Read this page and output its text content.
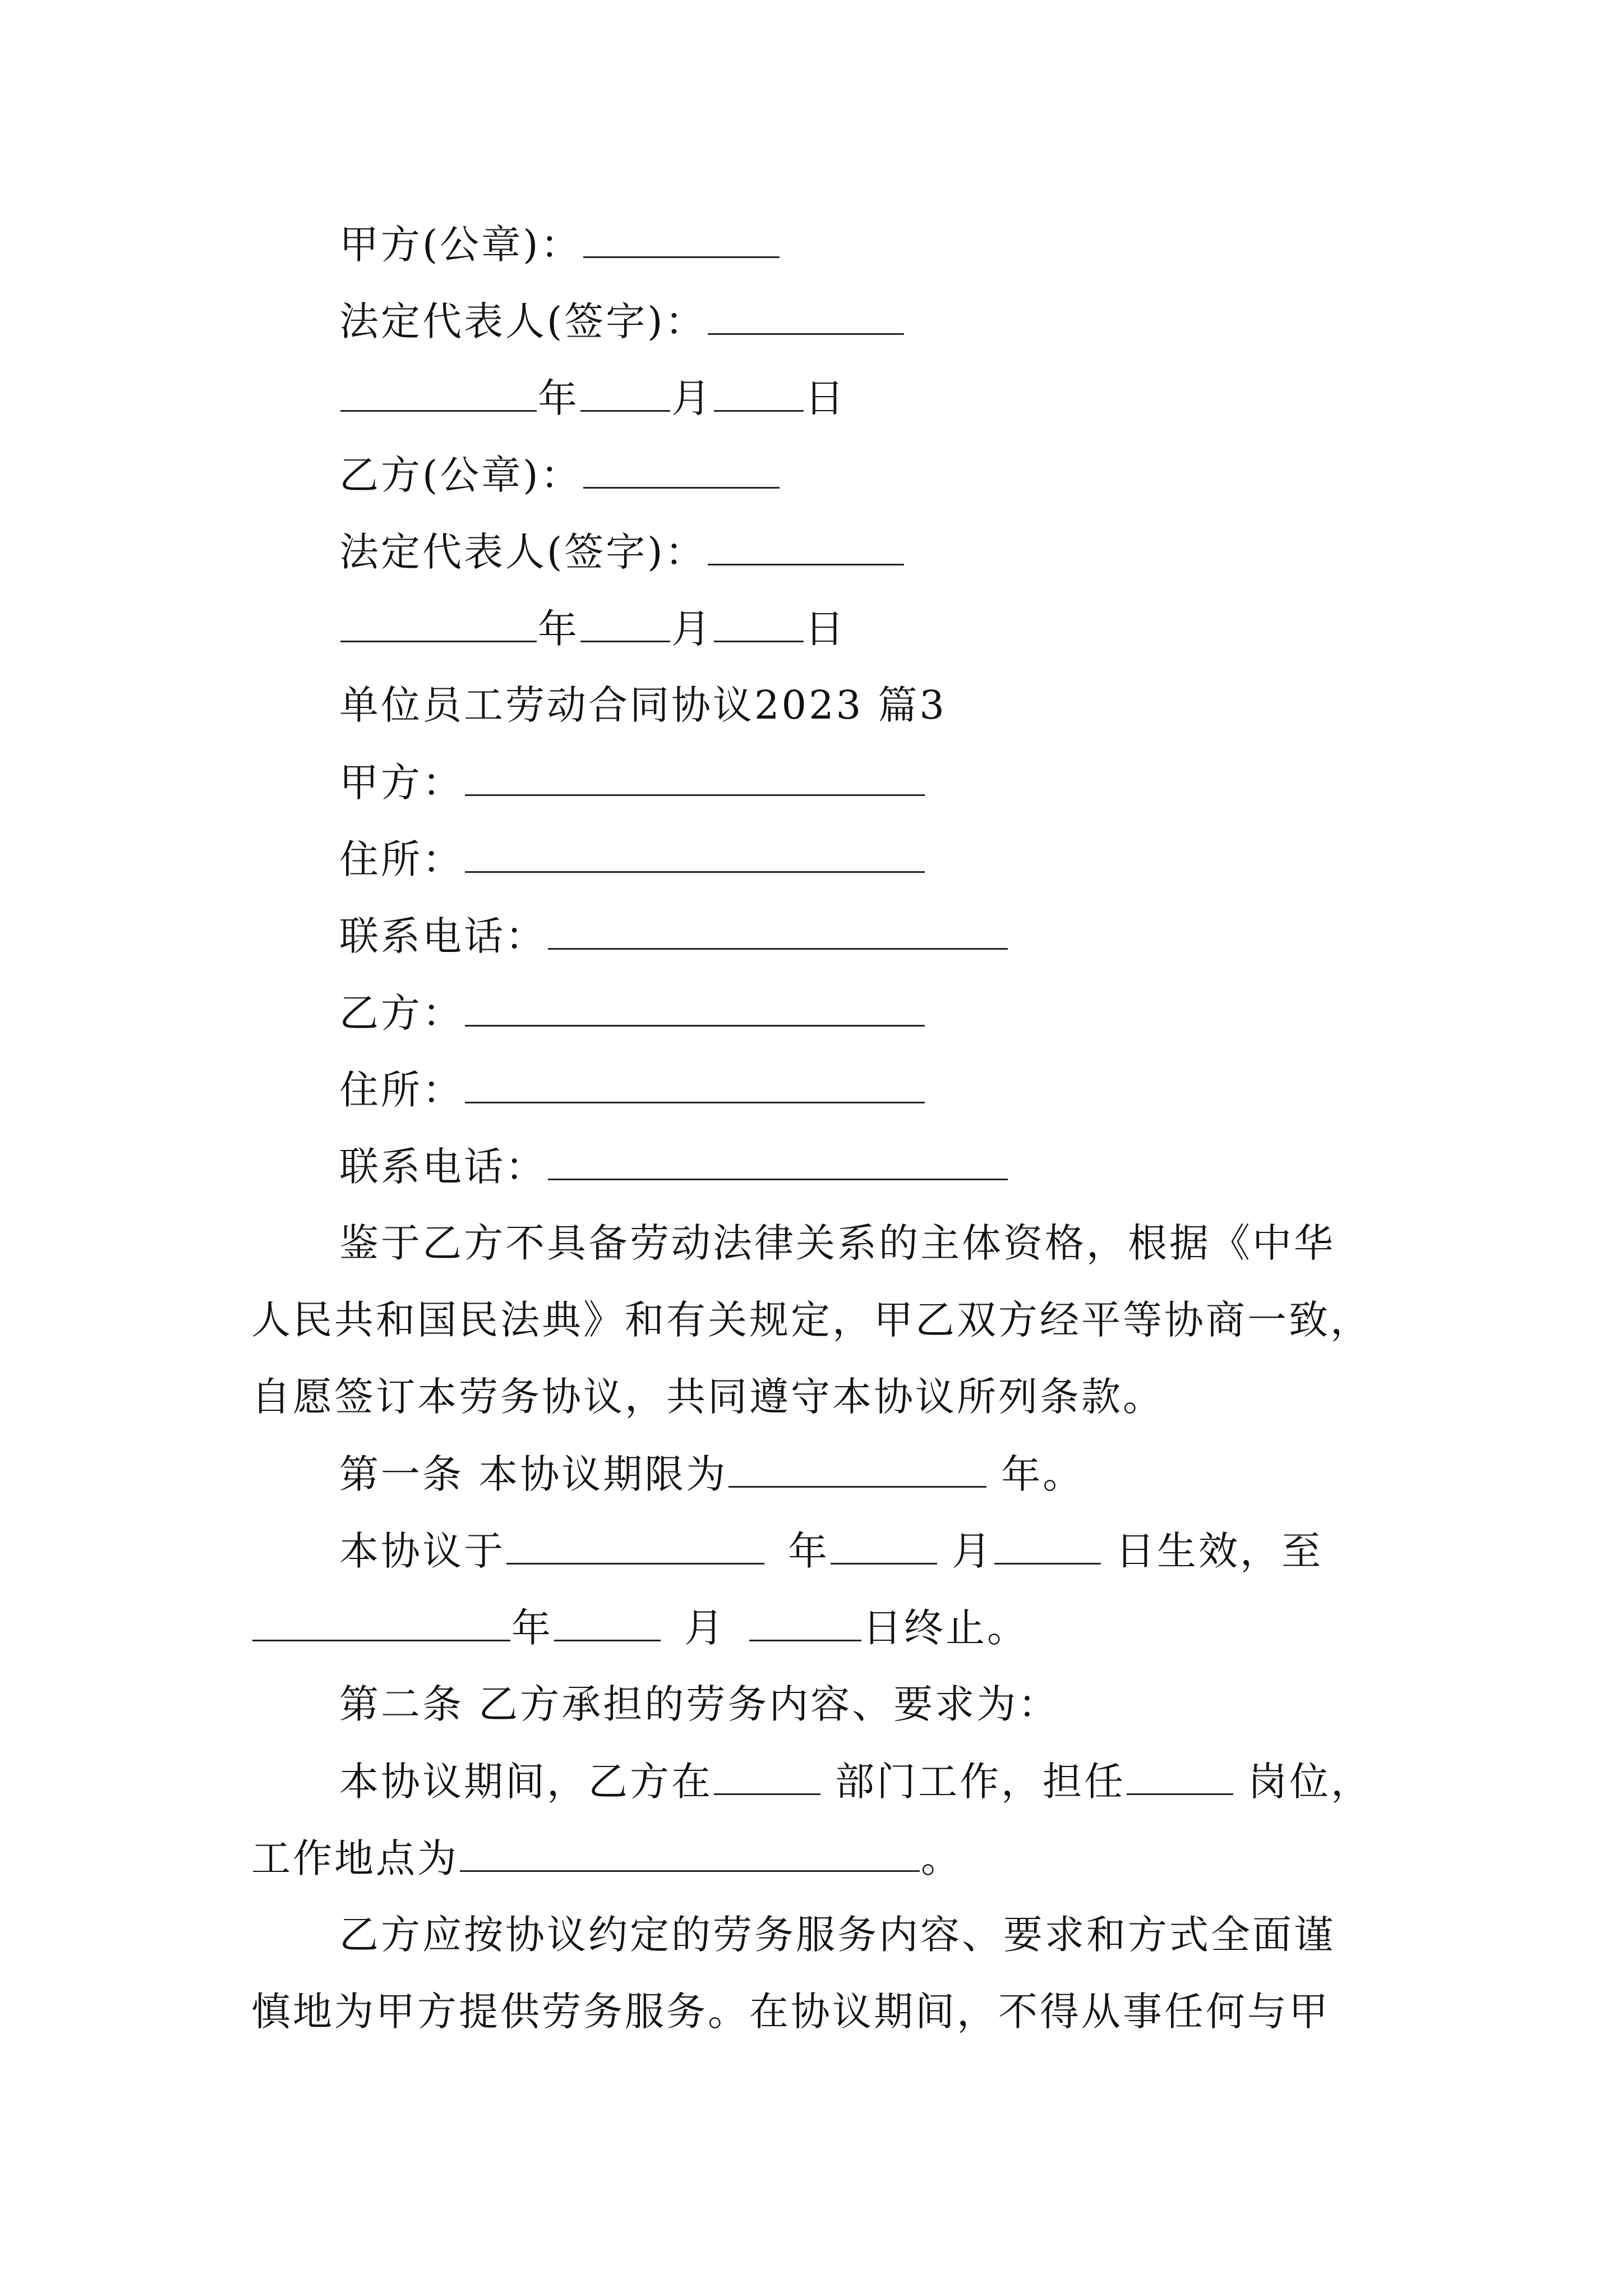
甲方(公章)：
法定代表人(签字)：
年 月 日
乙方(公章)：
法定代表人(签字)：
年 月 日
单位员工劳动合同协议2023 篇3
甲方：
住所：
联系电话：
乙方：
住所：
联系电话：
鉴于乙方不具备劳动法律关系的主体资格，根据《中华
人民共和国民法典》和有关规定，甲乙双方经平等协商一致，
自愿签订本劳务协议，共同遵守本协议所列条款。
第一条 本协议期限为	年。
本协议于	年	月	日生效，至
年	月	日终止。
第二条 乙方承担的劳务内容、要求为：
本协议期间，乙方在	部门工作，担任	岗位，
工作地点为	。
乙方应按协议约定的劳务服务内容、要求和方式全面谨
慎地为甲方提供劳务服务。在协议期间，不得从事任何与甲
